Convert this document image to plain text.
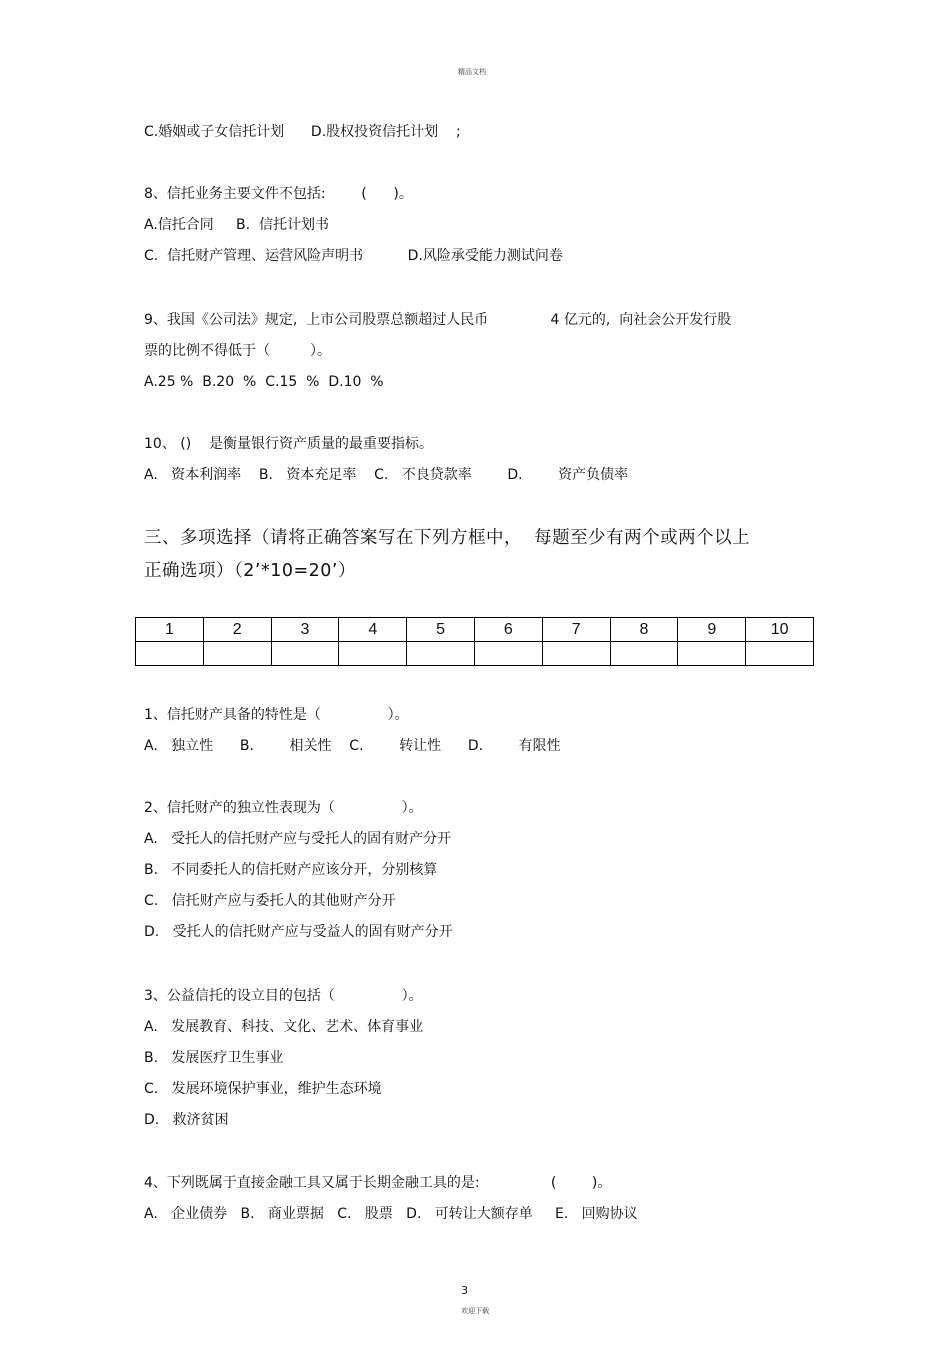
精品文档
C.婚姻或子女信托计划      D.股权投资信托计划    ;
8、信托业务主要文件不包括:        (      )。
A.信托合同     B.  信托计划书
C.  信托财产管理、运营风险声明书          D.风险承受能力测试问卷
9、我国《公司法》规定,  上市公司股票总额超过人民币              4 亿元的,  向社会公开发行股
票的比例不得低于（         ）。
A.25 %  B.20  %  C.15  %  D.10  %
10、 ()    是衡量银行资产质量的最重要指标。
A.   资本利润率    B.   资本充足率    C.   不良贷款率        D.        资产负债率
三、多项选择（请将正确答案写在下列方框中，  每题至少有两个或两个以上
正确选项）（2’*10=20’）
1	2	3	4	5	6	7	8	9	10

1、信托财产具备的特性是（               ）。
A.   独立性      B.        相关性    C.        转让性      D.        有限性
2、信托财产的独立性表现为（               ）。
A.   受托人的信托财产应与受托人的固有财产分开
B.   不同委托人的信托财产应该分开，分别核算
C.   信托财产应与委托人的其他财产分开
D.   受托人的信托财产应与受益人的固有财产分开
3、公益信托的设立目的包括（               ）。
A.   发展教育、科技、文化、艺术、体育事业
B.   发展医疗卫生事业
C.   发展环境保护事业，维护生态环境
D.   救济贫困
4、下列既属于直接金融工具又属于长期金融工具的是:                (        )。
A.   企业债券   B.   商业票据   C.   股票   D.   可转让大额存单     E.   回购协议

3
欢迎下载
